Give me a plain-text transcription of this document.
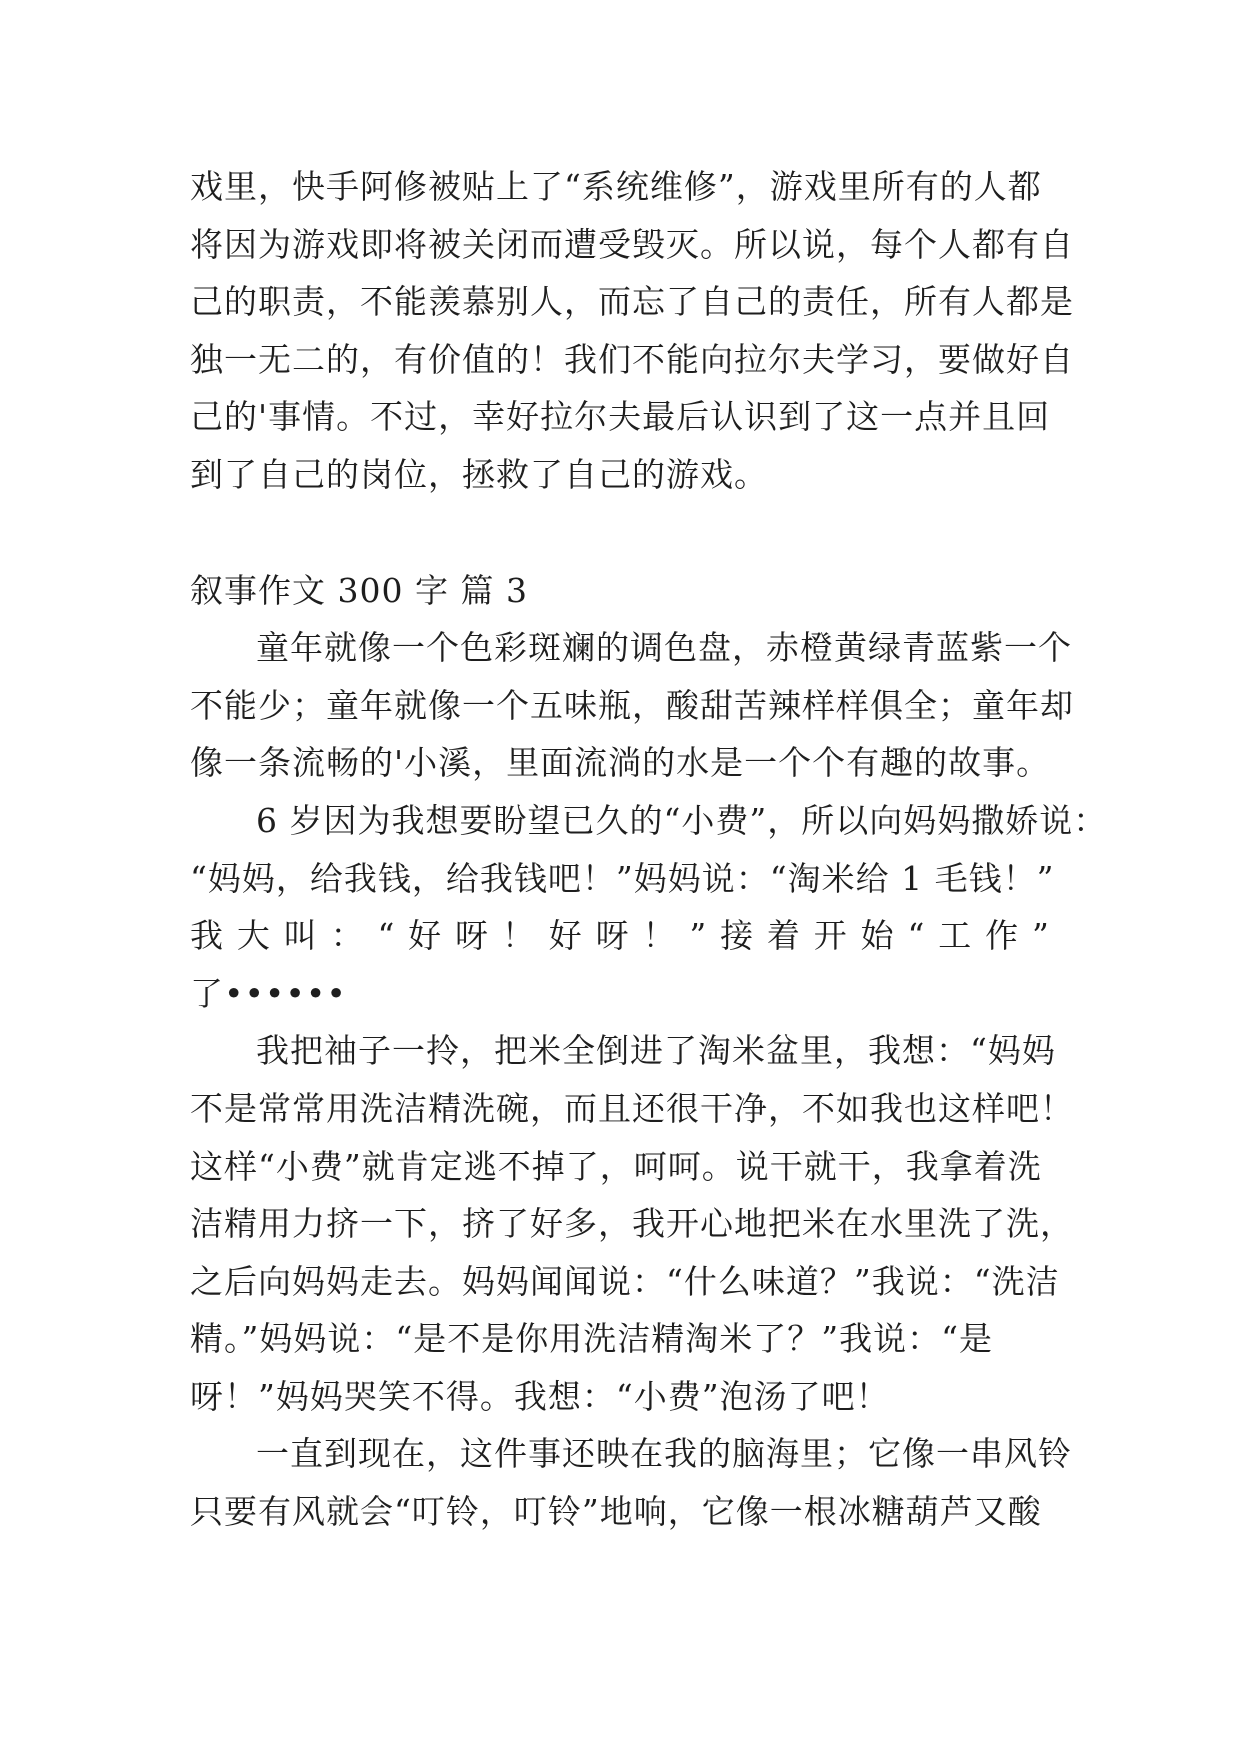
戏里，快手阿修被贴上了“系统维修”，游戏里所有的人都
将因为游戏即将被关闭而遭受毁灭。所以说，每个人都有自
己的职责，不能羡慕别人，而忘了自己的责任，所有人都是
独一无二的，有价值的！我们不能向拉尔夫学习，要做好自
己的'事情。不过，幸好拉尔夫最后认识到了这一点并且回
到了自己的岗位，拯救了自己的游戏。
叙事作文 300 字 篇 3
童年就像一个色彩斑斓的调色盘，赤橙黄绿青蓝紫一个
不能少；童年就像一个五味瓶，酸甜苦辣样样俱全；童年却
像一条流畅的'小溪，里面流淌的水是一个个有趣的故事。
6 岁因为我想要盼望已久的“小费”，所以向妈妈撒娇说：
“妈妈，给我钱，给我钱吧！”妈妈说：“淘米给 1 毛钱！”
我 大 叫 ： “ 好 呀 ！ 好 呀 ！ ” 接 着 开 始 “ 工 作 ”
了••••••
我把袖子一拎，把米全倒进了淘米盆里，我想：“妈妈
不是常常用洗洁精洗碗，而且还很干净，不如我也这样吧！
这样“小费”就肯定逃不掉了，呵呵。说干就干，我拿着洗
洁精用力挤一下，挤了好多，我开心地把米在水里洗了洗，
之后向妈妈走去。妈妈闻闻说：“什么味道？”我说：“洗洁
精。”妈妈说：“是不是你用洗洁精淘米了？”我说：“是
呀！”妈妈哭笑不得。我想：“小费”泡汤了吧！
一直到现在，这件事还映在我的脑海里；它像一串风铃
只要有风就会“叮铃，叮铃”地响，它像一根冰糖葫芦又酸
